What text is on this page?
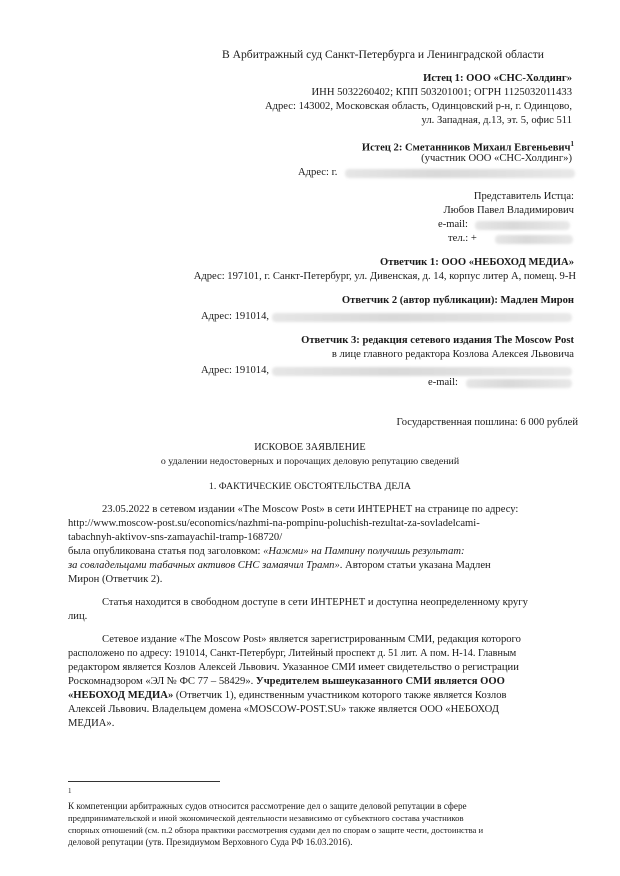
В Арбитражный суд Санкт-Петербурга и Ленинградской области
Истец 1: ООО «СНС-Холдинг»
ИНН 5032260402; КПП 503201001; ОГРН 1125032011433
Адрес: 143002, Московская область, Одинцовский р-н, г. Одинцово,
ул. Западная, д.13, эт. 5, офис 511
Истец 2: Сметанников Михаил Евгеньевич$^1$
(участник ООО «СНС-Холдинг»)
Адрес: г.
Представитель Истца:
Любов Павел Владимирович
e-mail:
тел.: +
Ответчик 1: ООО «НЕБОХОД МЕДИА»
Адрес: 197101, г. Санкт-Петербург, ул. Дивенская, д. 14, корпус литер А, помещ. 9-Н
Ответчик 2 (автор публикации): Мадлен Мирон
Адрес: 191014,
Ответчик 3: редакция сетевого издания The Moscow Post
в лице главного редактора Козлова Алексея Львовича
Адрес: 191014,
e-mail:
Государственная пошлина: 6 000 рублей
ИСКОВОЕ ЗАЯВЛЕНИЕ
о удалении недостоверных и порочащих деловую репутацию сведений
1. ФАКТИЧЕСКИЕ ОБСТОЯТЕЛЬСТВА ДЕЛА
23.05.2022 в сетевом издании «The Moscow Post» в сети ИНТЕРНЕТ на странице по адресу:
http://www.moscow-post.su/economics/nazhmi-na-pompinu-poluchish-rezultat-za-sovladelcami-
tabachnyh-aktivov-sns-zamayachil-tramp-168720/
была опубликована статья под заголовком: «Нажми» на Пампину получишь результат:
за совладельцами табачных активов СНС замаячил Трамп». Автором статьи указана Мадлен
Мирон (Ответчик 2).
Статья находится в свободном доступе в сети ИНТЕРНЕТ и доступна неопределенному кругу
лиц.
Сетевое издание «The Moscow Post» является зарегистрированным СМИ, редакция которого
расположено по адресу: 191014, Санкт-Петербург, Литейный проспект д. 51 лит. А пом. Н-14. Главным
редактором является Козлов Алексей Львович. Указанное СМИ имеет свидетельство о регистрации
Роскомнадзором «ЭЛ № ФС 77 – 58429». Учредителем вышеуказанного СМИ является ООО
«НЕБОХОД МЕДИА» (Ответчик 1), единственным участником которого также является Козлов
Алексей Львович. Владельцем домена «MOSCOW-POST.SU» также является ООО «НЕБОХОД
МЕДИА».
1
К компетенции арбитражных судов относится рассмотрение дел о защите деловой репутации в сфере
предпринимательской и иной экономической деятельности независимо от субъектного состава участников
спорных отношений (см. п.2 обзора практики рассмотрения судами дел по спорам о защите чести, достоинства и
деловой репутации (утв. Президиумом Верховного Суда РФ 16.03.2016).
